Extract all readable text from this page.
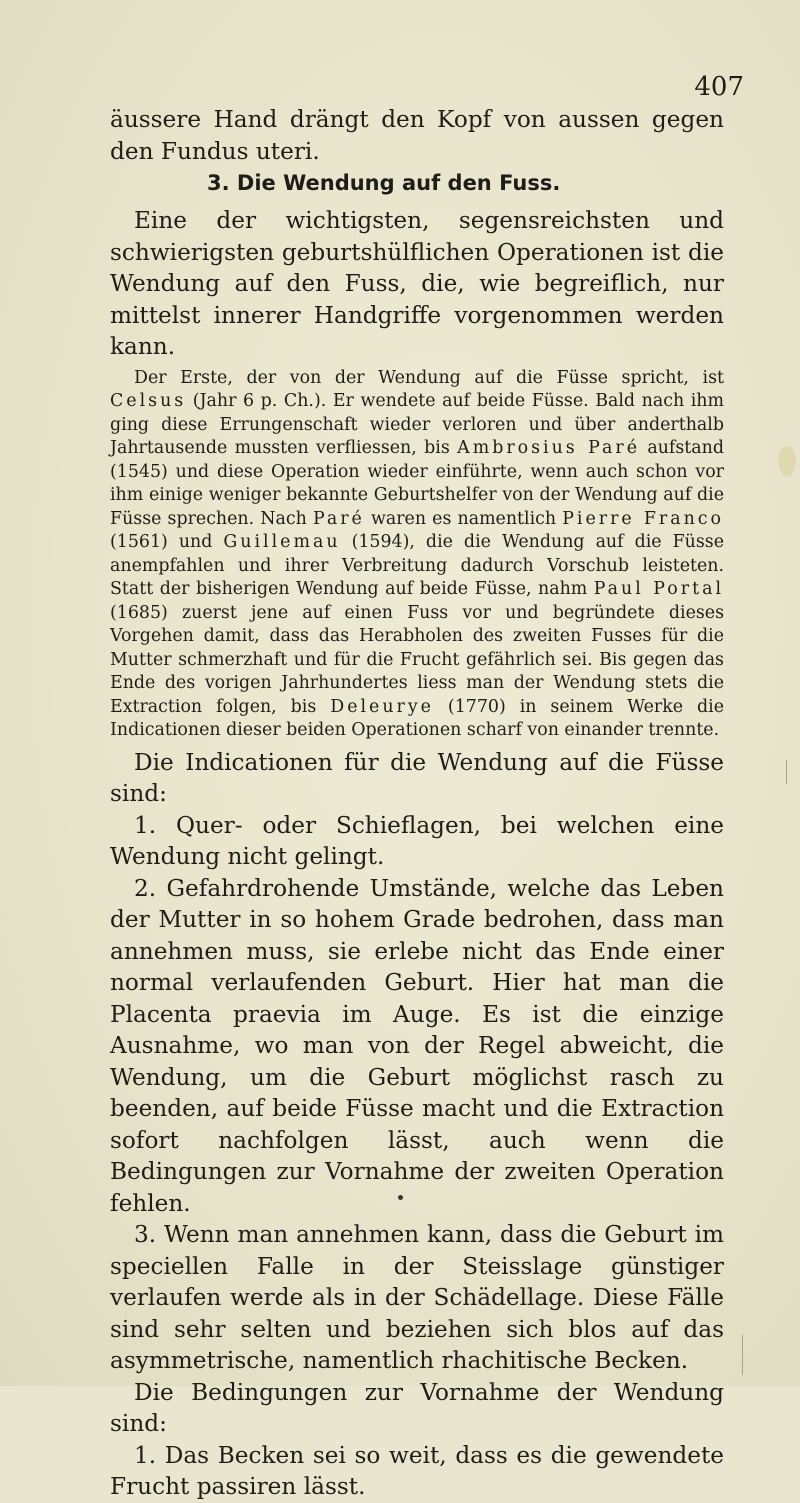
407

äussere Hand drängt den Kopf von aussen gegen den Fundus uteri.

3. Die Wendung auf den Fuss.

Eine der wichtigsten, segensreichsten und schwierigsten geburtshülflichen Operationen ist die Wendung auf den Fuss, die, wie begreiflich, nur mittelst innerer Handgriffe vorgenommen werden kann.

Der Erste, der von der Wendung auf die Füsse spricht, ist Celsus (Jahr 6 p. Ch.). Er wendete auf beide Füsse. Bald nach ihm ging diese Errungenschaft wieder verloren und über anderthalb Jahrtausende mussten verfliessen, bis Ambrosius Paré aufstand (1545) und diese Operation wieder einführte, wenn auch schon vor ihm einige weniger bekannte Geburtshelfer von der Wendung auf die Füsse sprechen. Nach Paré waren es namentlich Pierre Franco (1561) und Guillemau (1594), die die Wendung auf die Füsse anempfahlen und ihrer Verbreitung dadurch Vorschub leisteten. Statt der bisherigen Wendung auf beide Füsse, nahm Paul Portal (1685) zuerst jene auf einen Fuss vor und begründete dieses Vorgehen damit, dass das Herabholen des zweiten Fusses für die Mutter schmerzhaft und für die Frucht gefährlich sei. Bis gegen das Ende des vorigen Jahrhundertes liess man der Wendung stets die Extraction folgen, bis Deleurye (1770) in seinem Werke die Indicationen dieser beiden Operationen scharf von einander trennte.

Die Indicationen für die Wendung auf die Füsse sind:

1. Quer- oder Schieflagen, bei welchen eine Wendung nicht gelingt.

2. Gefahrdrohende Umstände, welche das Leben der Mutter in so hohem Grade bedrohen, dass man annehmen muss, sie erlebe nicht das Ende einer normal verlaufenden Geburt. Hier hat man die Placenta praevia im Auge. Es ist die einzige Ausnahme, wo man von der Regel abweicht, die Wendung, um die Geburt möglichst rasch zu beenden, auf beide Füsse macht und die Extraction sofort nachfolgen lässt, auch wenn die Bedingungen zur Vornahme der zweiten Operation fehlen.

3. Wenn man annehmen kann, dass die Geburt im speciellen Falle in der Steisslage günstiger verlaufen werde als in der Schädellage. Diese Fälle sind sehr selten und beziehen sich blos auf das asymmetrische, namentlich rhachitische Becken.

Die Bedingungen zur Vornahme der Wendung sind:

1. Das Becken sei so weit, dass es die gewendete Frucht passiren lässt.
